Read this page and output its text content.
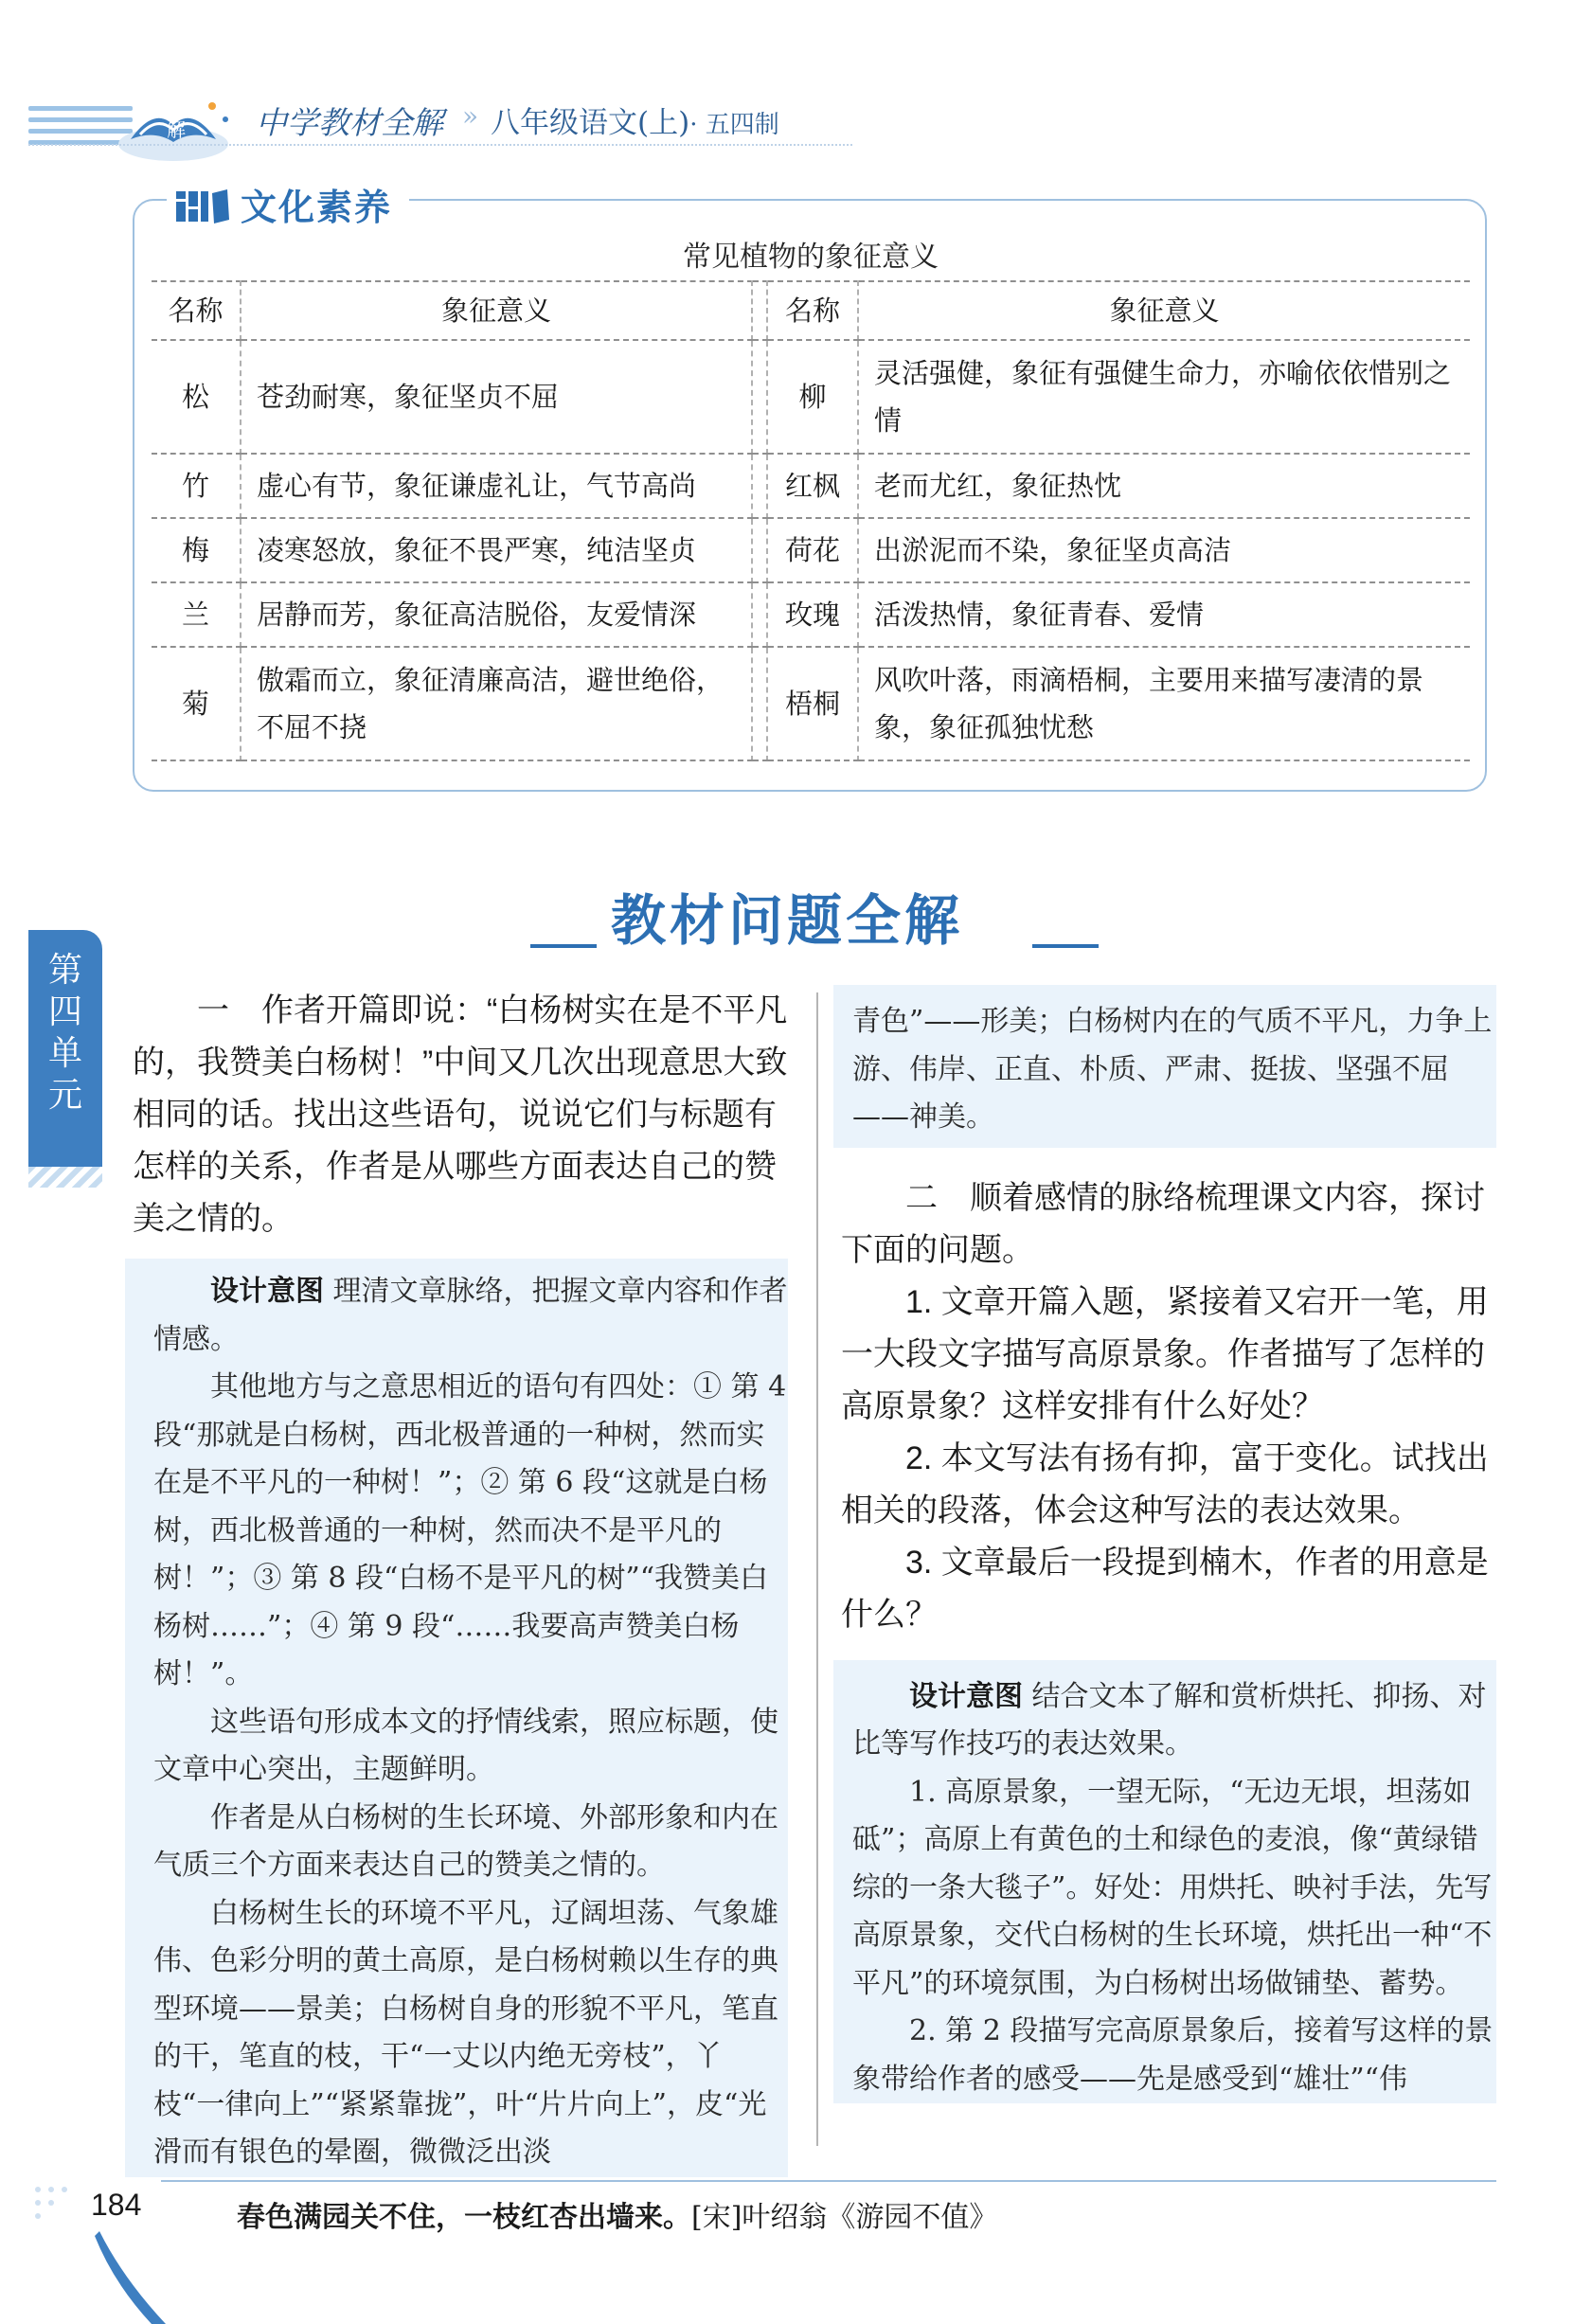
解 中学教材全解 » 八年级语文(上)· 五四制
文化素养
常见植物的象征意义
名称	象征意义		名称	象征意义
松	苍劲耐寒，象征坚贞不屈		柳	灵活强健，象征有强健生命力，亦喻依依惜别之情
竹	虚心有节，象征谦虚礼让，气节高尚		红枫	老而尤红，象征热忱
梅	凌寒怒放，象征不畏严寒，纯洁坚贞		荷花	出淤泥而不染，象征坚贞高洁
兰	居静而芳，象征高洁脱俗，友爱情深		玫瑰	活泼热情，象征青春、爱情
菊	傲霜而立，象征清廉高洁，避世绝俗，不屈不挠		梧桐	风吹叶落，雨滴梧桐，主要用来描写凄清的景象，象征孤独忧愁
教材问题全解
第
四
单
元

一　作者开篇即说：“白杨树实在是不平凡的，我赞美白杨树！”中间又几次出现意思大致相同的话。找出这些语句，说说它们与标题有怎样的关系，作者是从哪些方面表达自己的赞美之情的。

设计意图 理清文章脉络，把握文章内容和作者情感。

其他地方与之意思相近的语句有四处：① 第 4 段“那就是白杨树，西北极普通的一种树，然而实在是不平凡的一种树！”；② 第 6 段“这就是白杨树，西北极普通的一种树，然而决不是平凡的树！”；③ 第 8 段“白杨不是平凡的树”“我赞美白杨树……”；④ 第 9 段“……我要高声赞美白杨树！”。

这些语句形成本文的抒情线索，照应标题，使文章中心突出，主题鲜明。

作者是从白杨树的生长环境、外部形象和内在气质三个方面来表达自己的赞美之情的。

白杨树生长的环境不平凡，辽阔坦荡、气象雄伟、色彩分明的黄土高原，是白杨树赖以生存的典型环境——景美；白杨树自身的形貌不平凡，笔直的干，笔直的枝，干“一丈以内绝无旁枝”，丫枝“一律向上”“紧紧靠拢”，叶“片片向上”，皮“光滑而有银色的晕圈，微微泛出淡

青色”——形美；白杨树内在的气质不平凡，力争上游、伟岸、正直、朴质、严肃、挺拔、坚强不屈——神美。

二　顺着感情的脉络梳理课文内容，探讨下面的问题。

1. 文章开篇入题，紧接着又宕开一笔，用一大段文字描写高原景象。作者描写了怎样的高原景象？这样安排有什么好处？

2. 本文写法有扬有抑，富于变化。试找出相关的段落，体会这种写法的表达效果。

3. 文章最后一段提到楠木，作者的用意是什么？

设计意图 结合文本了解和赏析烘托、抑扬、对比等写作技巧的表达效果。

1. 高原景象，一望无际，“无边无垠，坦荡如砥”；高原上有黄色的土和绿色的麦浪，像“黄绿错综的一条大毯子”。好处：用烘托、映衬手法，先写高原景象，交代白杨树的生长环境，烘托出一种“不平凡”的环境氛围，为白杨树出场做铺垫、蓄势。

2. 第 2 段描写完高原景象后，接着写这样的景象带给作者的感受——先是感受到“雄壮”“伟

184	春色满园关不住，一枝红杏出墙来。[宋]叶绍翁《游园不值》
